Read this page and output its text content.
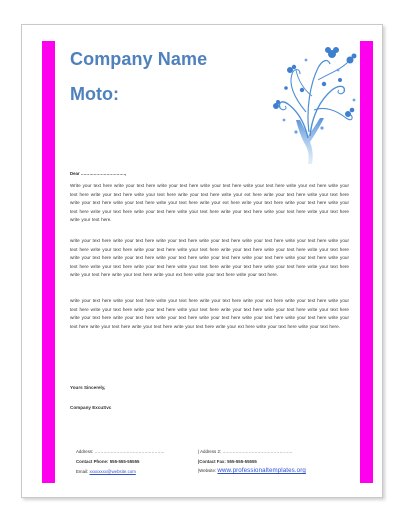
Company Name
Moto:
Dear ………………………….,
Write your text here write your text here write your text here write your text here write your text here write your ext here write your text here write your text here write your text here write your text here write your ext here write your text here write your text here write your text here write your text here write your text here write your ext here write your text here write your text here write your text here write your text here write your text here write your text here write your text here write your text here write your text here write your text here.
write your text here write your text here write your text here write your text here write your text here write your text here write your text here write your text here write your text here write your text here write your text here write your text here write your text here write your text here write your text here write your text here write your text here write your text here write your text here write your text here write your text here write your text here write your text here write your text here write your text here write your text here write your text here write your text here write your ext here write your text here write your text here.
write your text here write your text here write your text here write your text here write your ext here write your text here write your text here write your text here write your text here write your text here write your text here write your text here write your text here write your text here write your text here write your text here write your text here write your text here write your text here write your text here write your text here write your text here write your text here write your ext here write your text here write your text here.
Yours Sincerely,
Company ExcuSvc
Address: …………………………………………	| Address 2: …………………………………………
Contact Phone: 555-555-55555	|Contact Fax: 555-555-55555
Email: xxxxxxxx@website.com	|Website: www.professionaltemplates.org
